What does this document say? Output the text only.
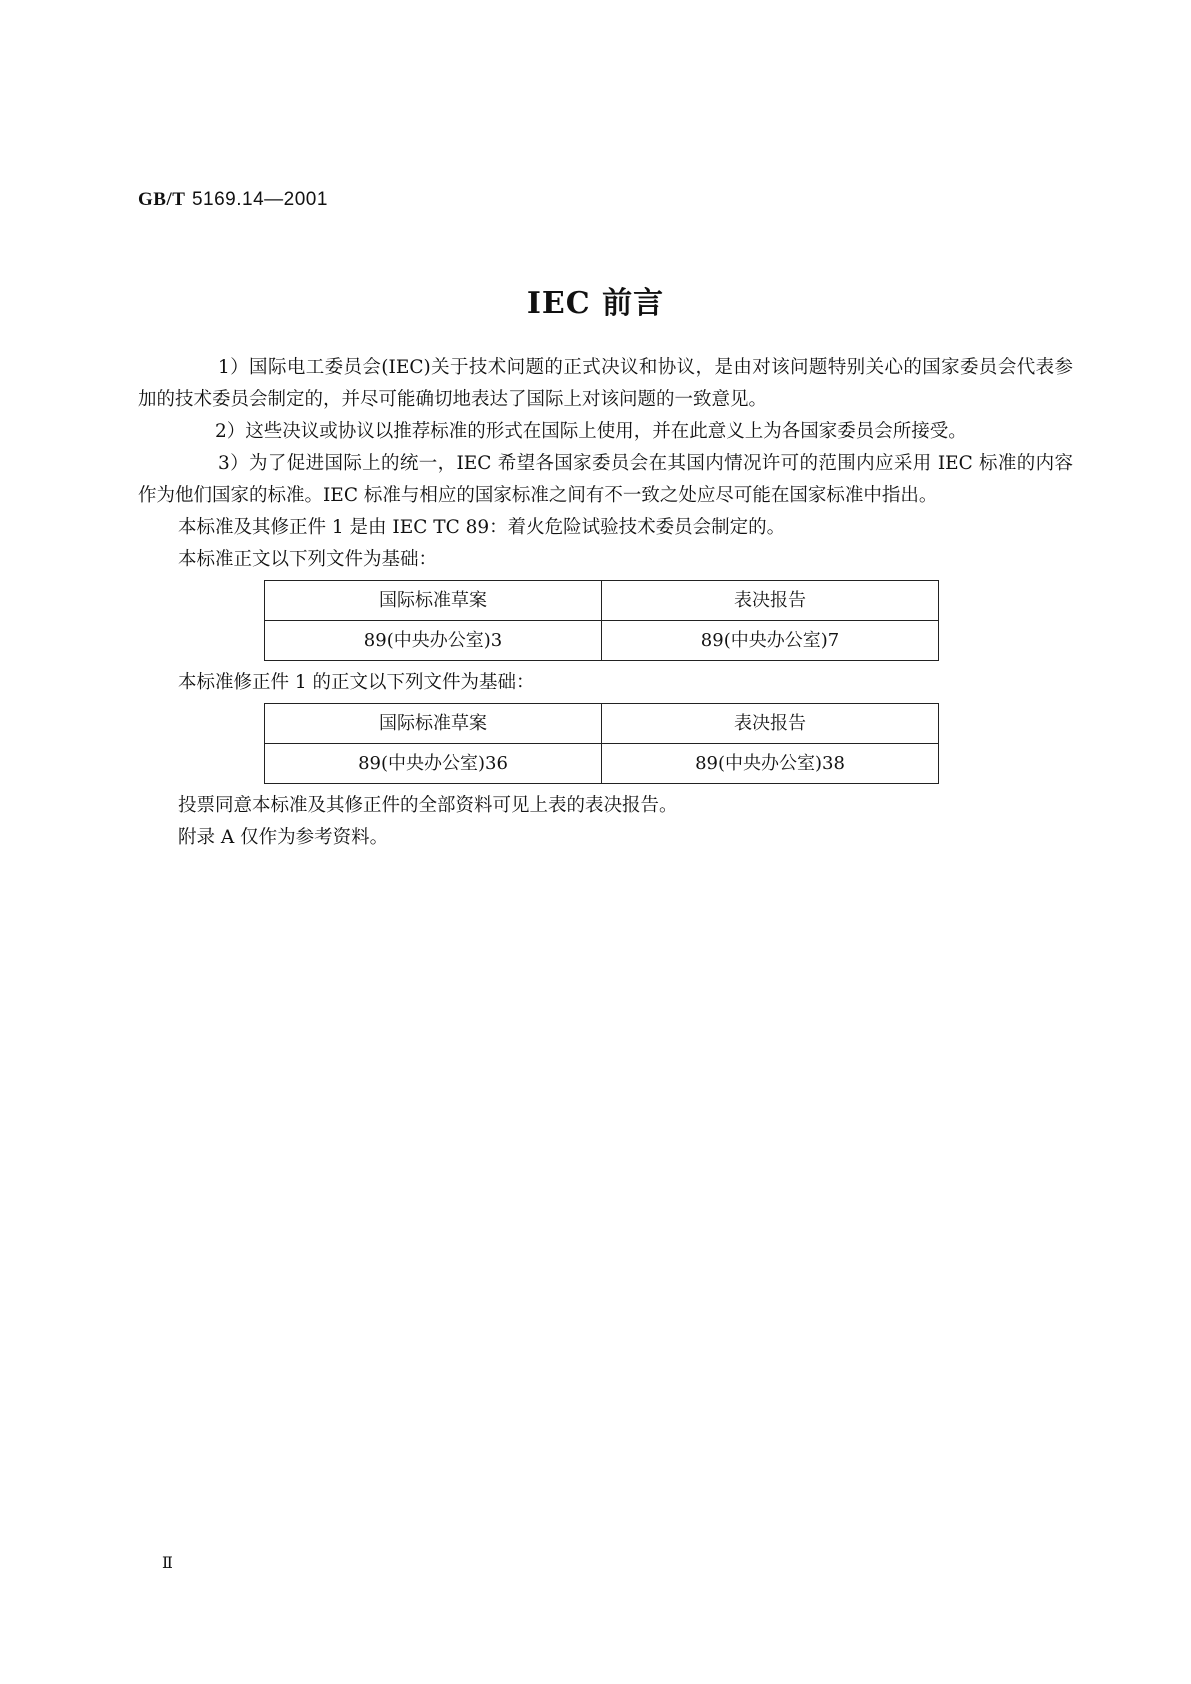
GB/T 5169.14—2001
IEC 前言

1）国际电工委员会(IEC)关于技术问题的正式决议和协议，是由对该问题特别关心的国家委员会代表参加的技术委员会制定的，并尽可能确切地表达了国际上对该问题的一致意见。

2）这些决议或协议以推荐标准的形式在国际上使用，并在此意义上为各国家委员会所接受。

3）为了促进国际上的统一，IEC 希望各国家委员会在其国内情况许可的范围内应采用 IEC 标准的内容作为他们国家的标准。IEC 标准与相应的国家标准之间有不一致之处应尽可能在国家标准中指出。

本标准及其修正件 1 是由 IEC TC 89：着火危险试验技术委员会制定的。

本标准正文以下列文件为基础：

国际标准草案	表决报告
89(中央办公室)3	89(中央办公室)7

本标准修正件 1 的正文以下列文件为基础：

国际标准草案	表决报告
89(中央办公室)36	89(中央办公室)38

投票同意本标准及其修正件的全部资料可见上表的表决报告。

附录 A 仅作为参考资料。

Ⅱ
